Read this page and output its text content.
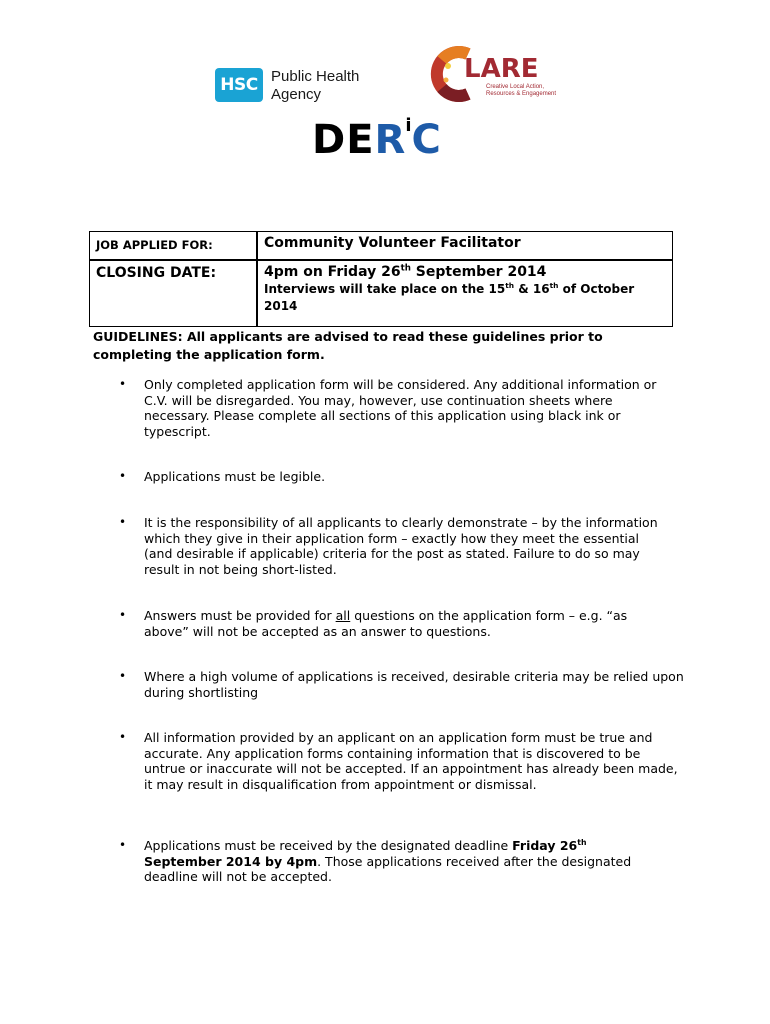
HSC Public Health
Agency
LARE
Creative Local Action,
Resources & Engagement
DER$^i$C
JOB APPLIED FOR:	Community Volunteer Facilitator
CLOSING DATE:	4pm on Friday 26th September 2014
Interviews will take place on the 15th & 16th of October 2014
GUIDELINES: All applicants are advised to read these guidelines prior to completing the application form.
• Only completed application form will be considered. Any additional information or C.V. will be disregarded. You may, however, use continuation sheets where necessary. Please complete all sections of this application using black ink or typescript.
• Applications must be legible.
• It is the responsibility of all applicants to clearly demonstrate – by the information which they give in their application form – exactly how they meet the essential (and desirable if applicable) criteria for the post as stated. Failure to do so may result in not being short-listed.
• Answers must be provided for all questions on the application form – e.g. “as above” will not be accepted as an answer to questions.
• Where a high volume of applications is received, desirable criteria may be relied upon during shortlisting
• All information provided by an applicant on an application form must be true and accurate. Any application forms containing information that is discovered to be untrue or inaccurate will not be accepted. If an appointment has already been made, it may result in disqualification from appointment or dismissal.
• Applications must be received by the designated deadline Friday 26th September 2014 by 4pm. Those applications received after the designated deadline will not be accepted.
